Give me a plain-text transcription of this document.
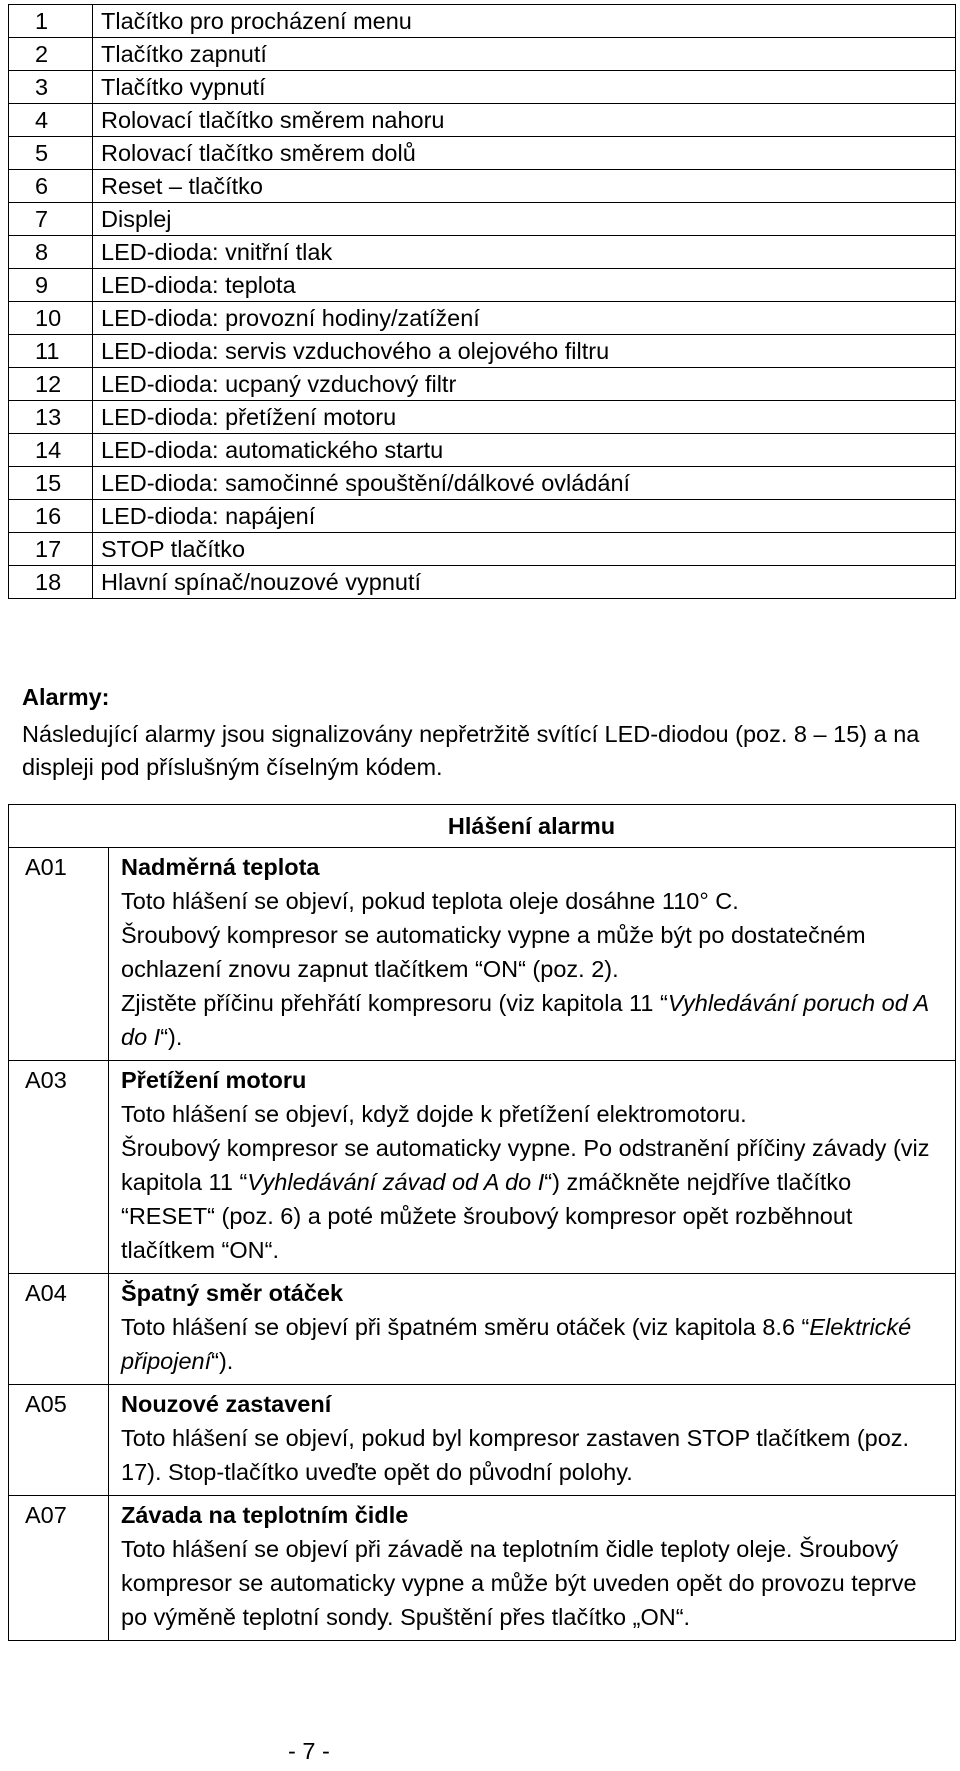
1	Tlačítko pro procházení menu
2	Tlačítko zapnutí
3	Tlačítko vypnutí
4	Rolovací tlačítko směrem nahoru
5	Rolovací tlačítko směrem dolů
6	Reset – tlačítko
7	Displej
8	LED-dioda: vnitřní tlak
9	LED-dioda: teplota
10	LED-dioda: provozní hodiny/zatížení
11	LED-dioda: servis vzduchového a olejového filtru
12	LED-dioda: ucpaný vzduchový filtr
13	LED-dioda: přetížení motoru
14	LED-dioda: automatického startu
15	LED-dioda: samočinné spouštění/dálkové ovládání
16	LED-dioda: napájení
17	STOP tlačítko
18	Hlavní spínač/nouzové vypnutí
Alarmy:
Následující alarmy jsou signalizovány nepřetržitě svítící LED-diodou (poz. 8 – 15) a na displeji pod příslušným číselným kódem.
Hlášení alarmu	
A01	Nadměrná teplota
Toto hlášení se objeví, pokud teplota oleje dosáhne 110° C.
Šroubový kompresor se automaticky vypne a může být po dostatečném ochlazení znovu zapnut tlačítkem “ON“ (poz. 2).
Zjistěte příčinu přehřátí kompresoru (viz kapitola 11 “Vyhledávání poruch od A do I“).

A03	Přetížení motoru
Toto hlášení se objeví, když dojde k přetížení elektromotoru.
Šroubový kompresor se automaticky vypne. Po odstranění příčiny závady (viz kapitola 11 “Vyhledávání závad od A do I“) zmáčkněte nejdříve tlačítko “RESET“ (poz. 6) a poté můžete šroubový kompresor opět rozběhnout tlačítkem “ON“.

A04	Špatný směr otáček
Toto hlášení se objeví při špatném směru otáček (viz kapitola 8.6 “Elektrické připojení“).

A05	Nouzové zastavení
Toto hlášení se objeví, pokud byl kompresor zastaven STOP tlačítkem (poz. 17). Stop-tlačítko uveďte opět do původní polohy.

A07	Závada na teplotním čidle
Toto hlášení se objeví při závadě na teplotním čidle teploty oleje. Šroubový kompresor se automaticky vypne a může být uveden opět do provozu teprve po výměně teplotní sondy. Spuštění přes tlačítko „ON“.
- 7 -
